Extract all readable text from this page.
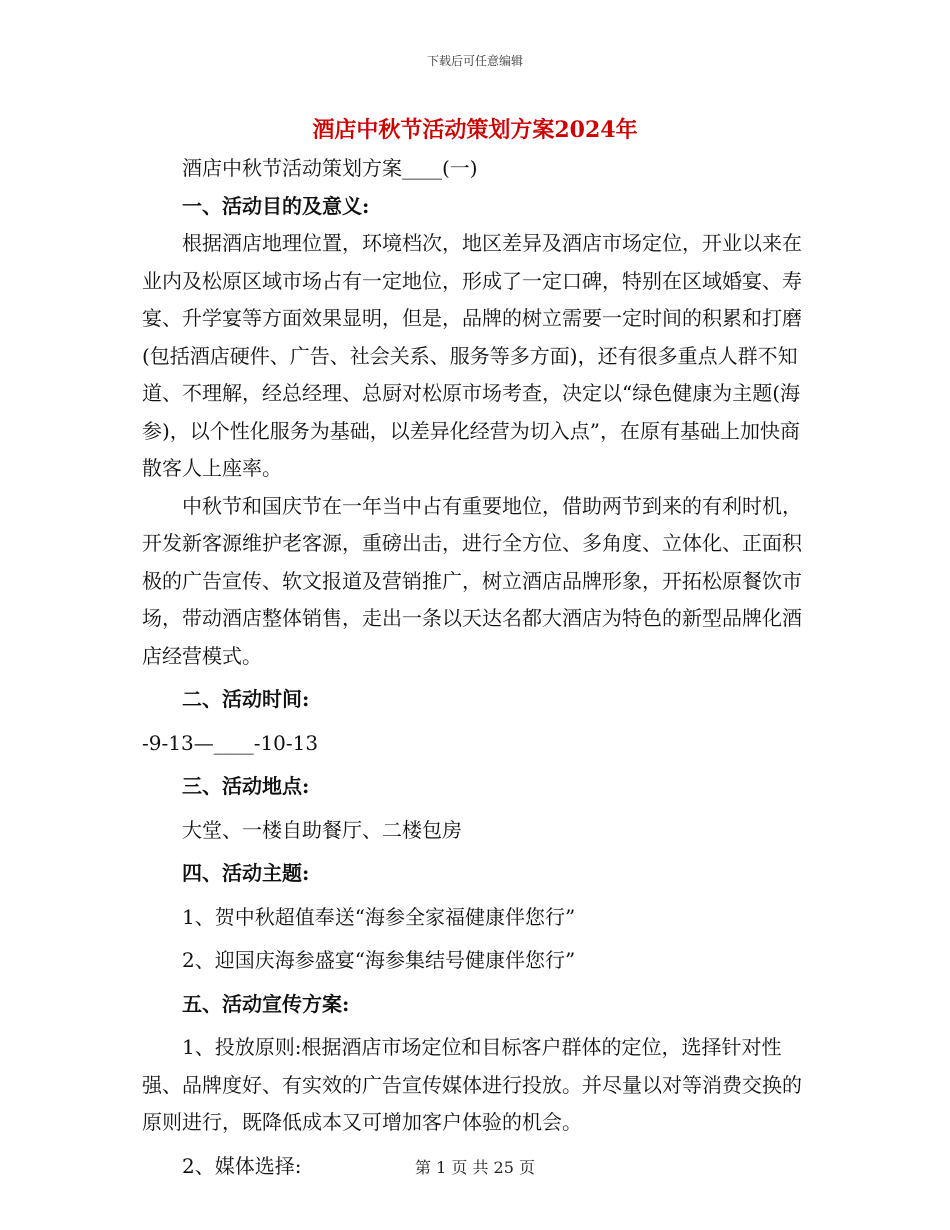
下载后可任意编辑
酒店中秋节活动策划方案2024年

酒店中秋节活动策划方案____(一)

一、活动目的及意义:

根据酒店地理位置，环境档次，地区差异及酒店市场定位，开业以来在业内及松原区域市场占有一定地位，形成了一定口碑，特别在区域婚宴、寿宴、升学宴等方面效果显明，但是，品牌的树立需要一定时间的积累和打磨(包括酒店硬件、广告、社会关系、服务等多方面)，还有很多重点人群不知道、不理解，经总经理、总厨对松原市场考查，决定以“绿色健康为主题(海参)，以个性化服务为基础，以差异化经营为切入点”，在原有基础上加快商散客人上座率。

中秋节和国庆节在一年当中占有重要地位，借助两节到来的有利时机，开发新客源维护老客源，重磅出击，进行全方位、多角度、立体化、正面积极的广告宣传、软文报道及营销推广，树立酒店品牌形象，开拓松原餐饮市场，带动酒店整体销售，走出一条以天达名都大酒店为特色的新型品牌化酒店经营模式。

二、活动时间:

-9-13—____-10-13

三、活动地点:

大堂、一楼自助餐厅、二楼包房

四、活动主题:

1、贺中秋超值奉送“海参全家福健康伴您行”

2、迎国庆海参盛宴“海参集结号健康伴您行”

五、活动宣传方案:

1、投放原则:根据酒店市场定位和目标客户群体的定位，选择针对性强、品牌度好、有实效的广告宣传媒体进行投放。并尽量以对等消费交换的原则进行，既降低成本又可增加客户体验的机会。

2、媒体选择:	第 1 页 共 25 页
